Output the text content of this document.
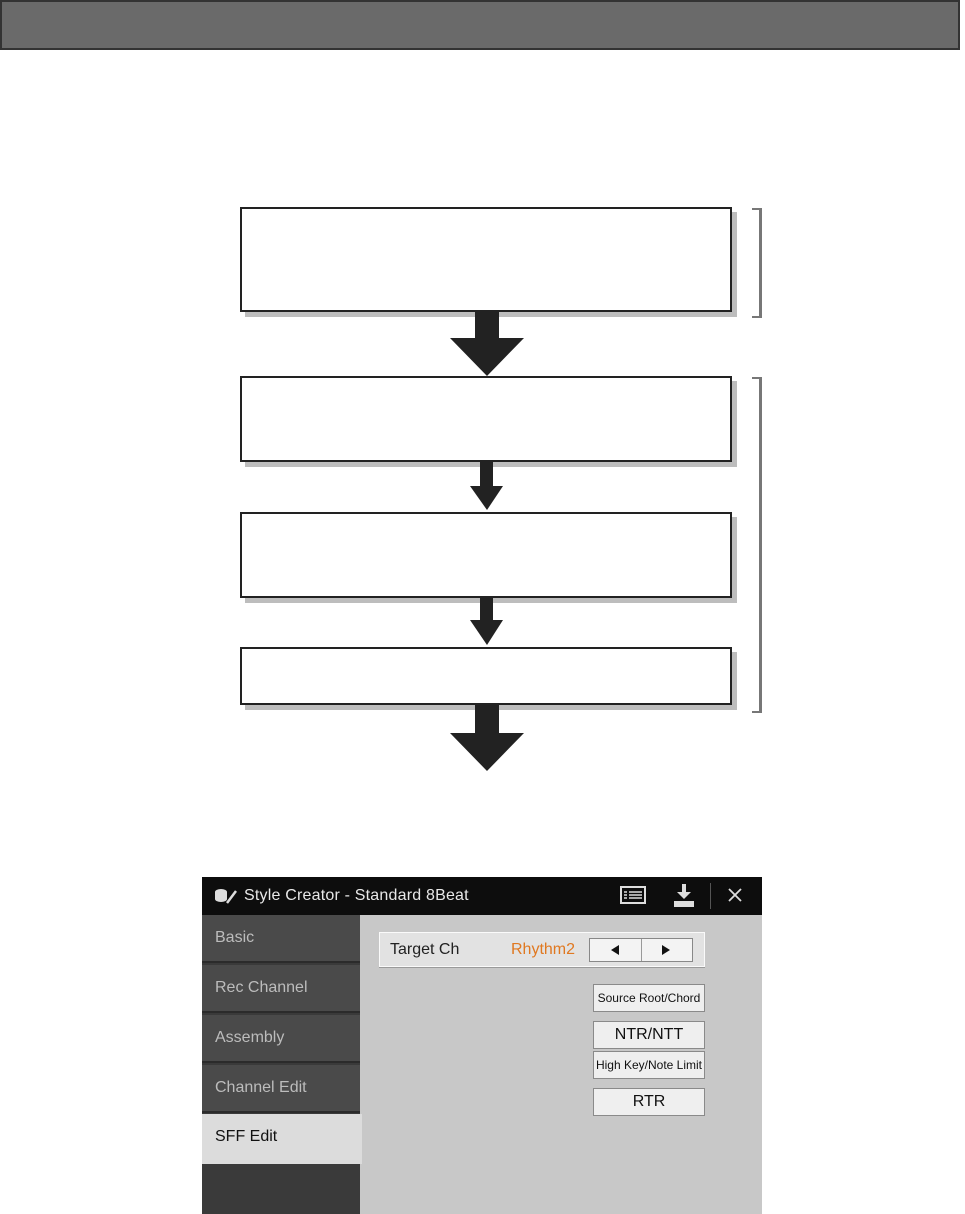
Style Creator - Standard 8Beat
Basic
Rec Channel
Assembly
Channel Edit
SFF Edit
Target Ch	Rhythm2
Source Root/Chord
NTR/NTT
High Key/Note Limit
RTR
